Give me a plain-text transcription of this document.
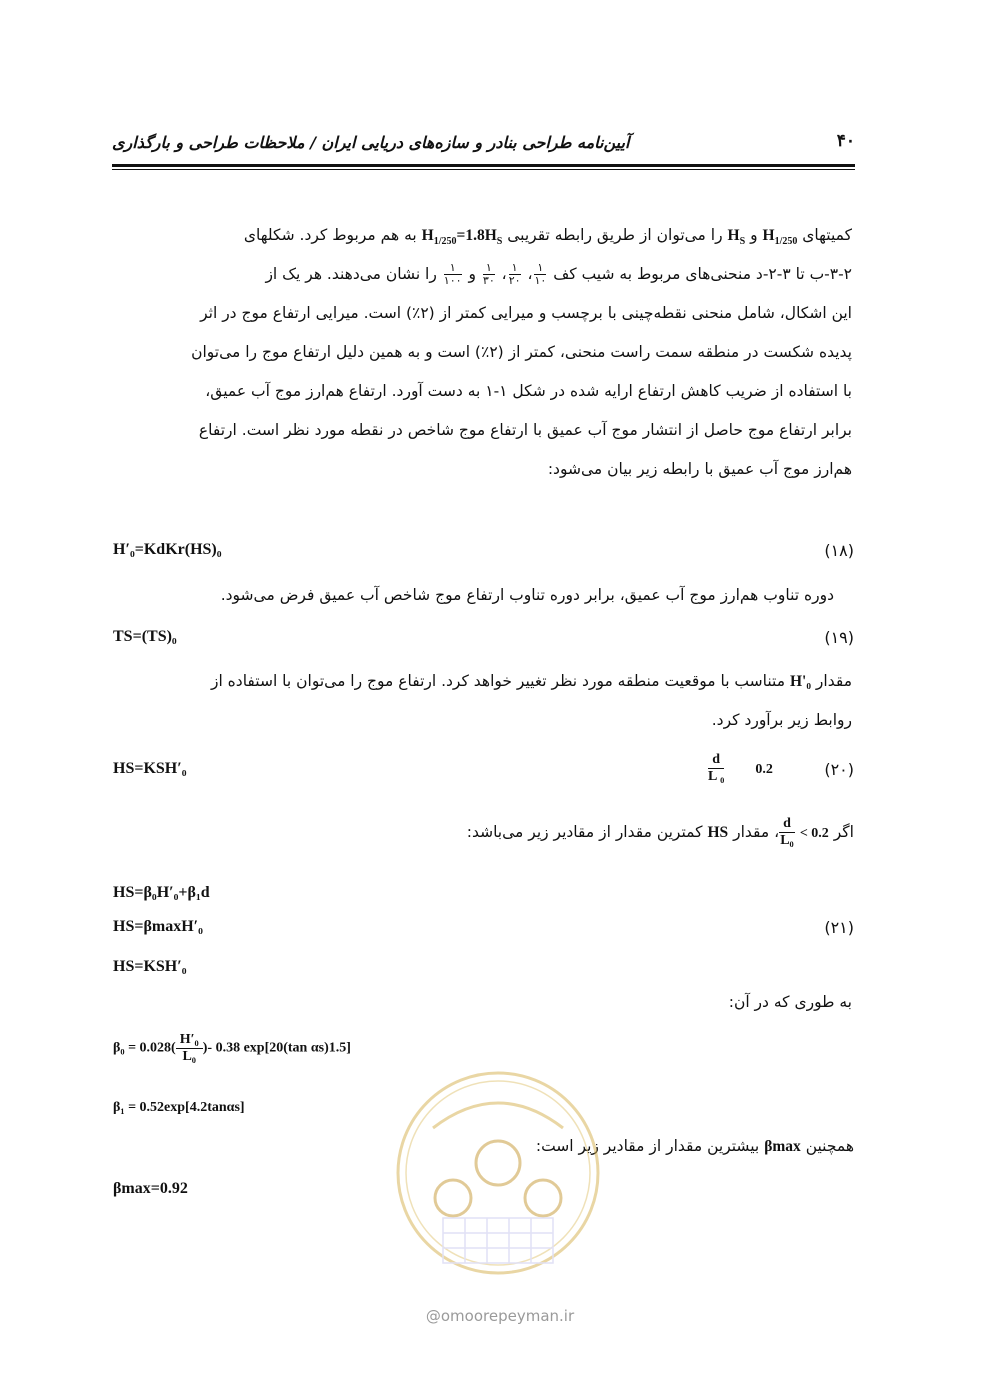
آیین‌نامه طراحی بنادر و سازه‌های دریایی ایران / ملاحظات طراحی و بارگذاری	۴۰
کمیتهای $H_{1/250}$ و $H_S$ را می‌توان از طریق رابطه تقریبی $H_{1/250}=1.8H_S$ به هم مربوط کرد. شکلهای
۳-۲-ب تا ۳-۲-د منحنی‌های مربوط به شیب کف
۱
۱۰،
۱
۲۰،
۱
۳۰ و
۱
۱۰۰ را نشان می‌دهند. هر یک از
این اشکال، شامل منحنی نقطه‌چینی با برچسب و میرایی کمتر از (۲٪) است. میرایی ارتفاع موج در اثر
پدیده شکست در منطقه سمت راست منحنی، کمتر از (۲٪) است و به همین دلیل ارتفاع موج را می‌توان
با استفاده از ضریب کاهش ارتفاع ارایه شده در شکل ۱-۱ به دست آورد. ارتفاع هم‌ارز موج آب عمیق،
برابر ارتفاع موج حاصل از انتشار موج آب عمیق با ارتفاع موج شاخص در نقطه مورد نظر است. ارتفاع
هم‌ارز موج آب عمیق با رابطه زیر بیان می‌شود:
H′₀=KdKr(HS)₀	(۱۸)
دوره تناوب هم‌ارز موج آب عمیق، برابر دوره تناوب ارتفاع موج شاخص آب عمیق فرض می‌شود.
TS=(TS)₀	(۱۹)
مقدار H'₀ متناسب با موقعیت منطقه مورد نظر تغییر خواهد کرد. ارتفاع موج را می‌توان با استفاده از
روابط زیر برآورد کرد.
HS=KSH′₀	$\frac{d}{\text{L ₀}} 0.2$	(۲۰)
اگر
$\frac{d}{\text{L₀}}$ < 0.2، مقدار HS کمترین مقدار از مقادیر زیر می‌باشد:
HS=β₀H′₀+β₁d
HS=βmaxH′₀	(۲۱)
HS=KSH′₀
به طوری که در آن:
$\beta_0 = 0.028( \frac{\text{H′₀}}{\text{L₀}}$ )- 0.38 exp[20(tan αs)1.5]
β₁ = 0.52exp[4.2tanαs]
همچنین βmax بیشترین مقدار از مقادیر زیر است:
βmax=0.92
@omoorepeyman.ir
